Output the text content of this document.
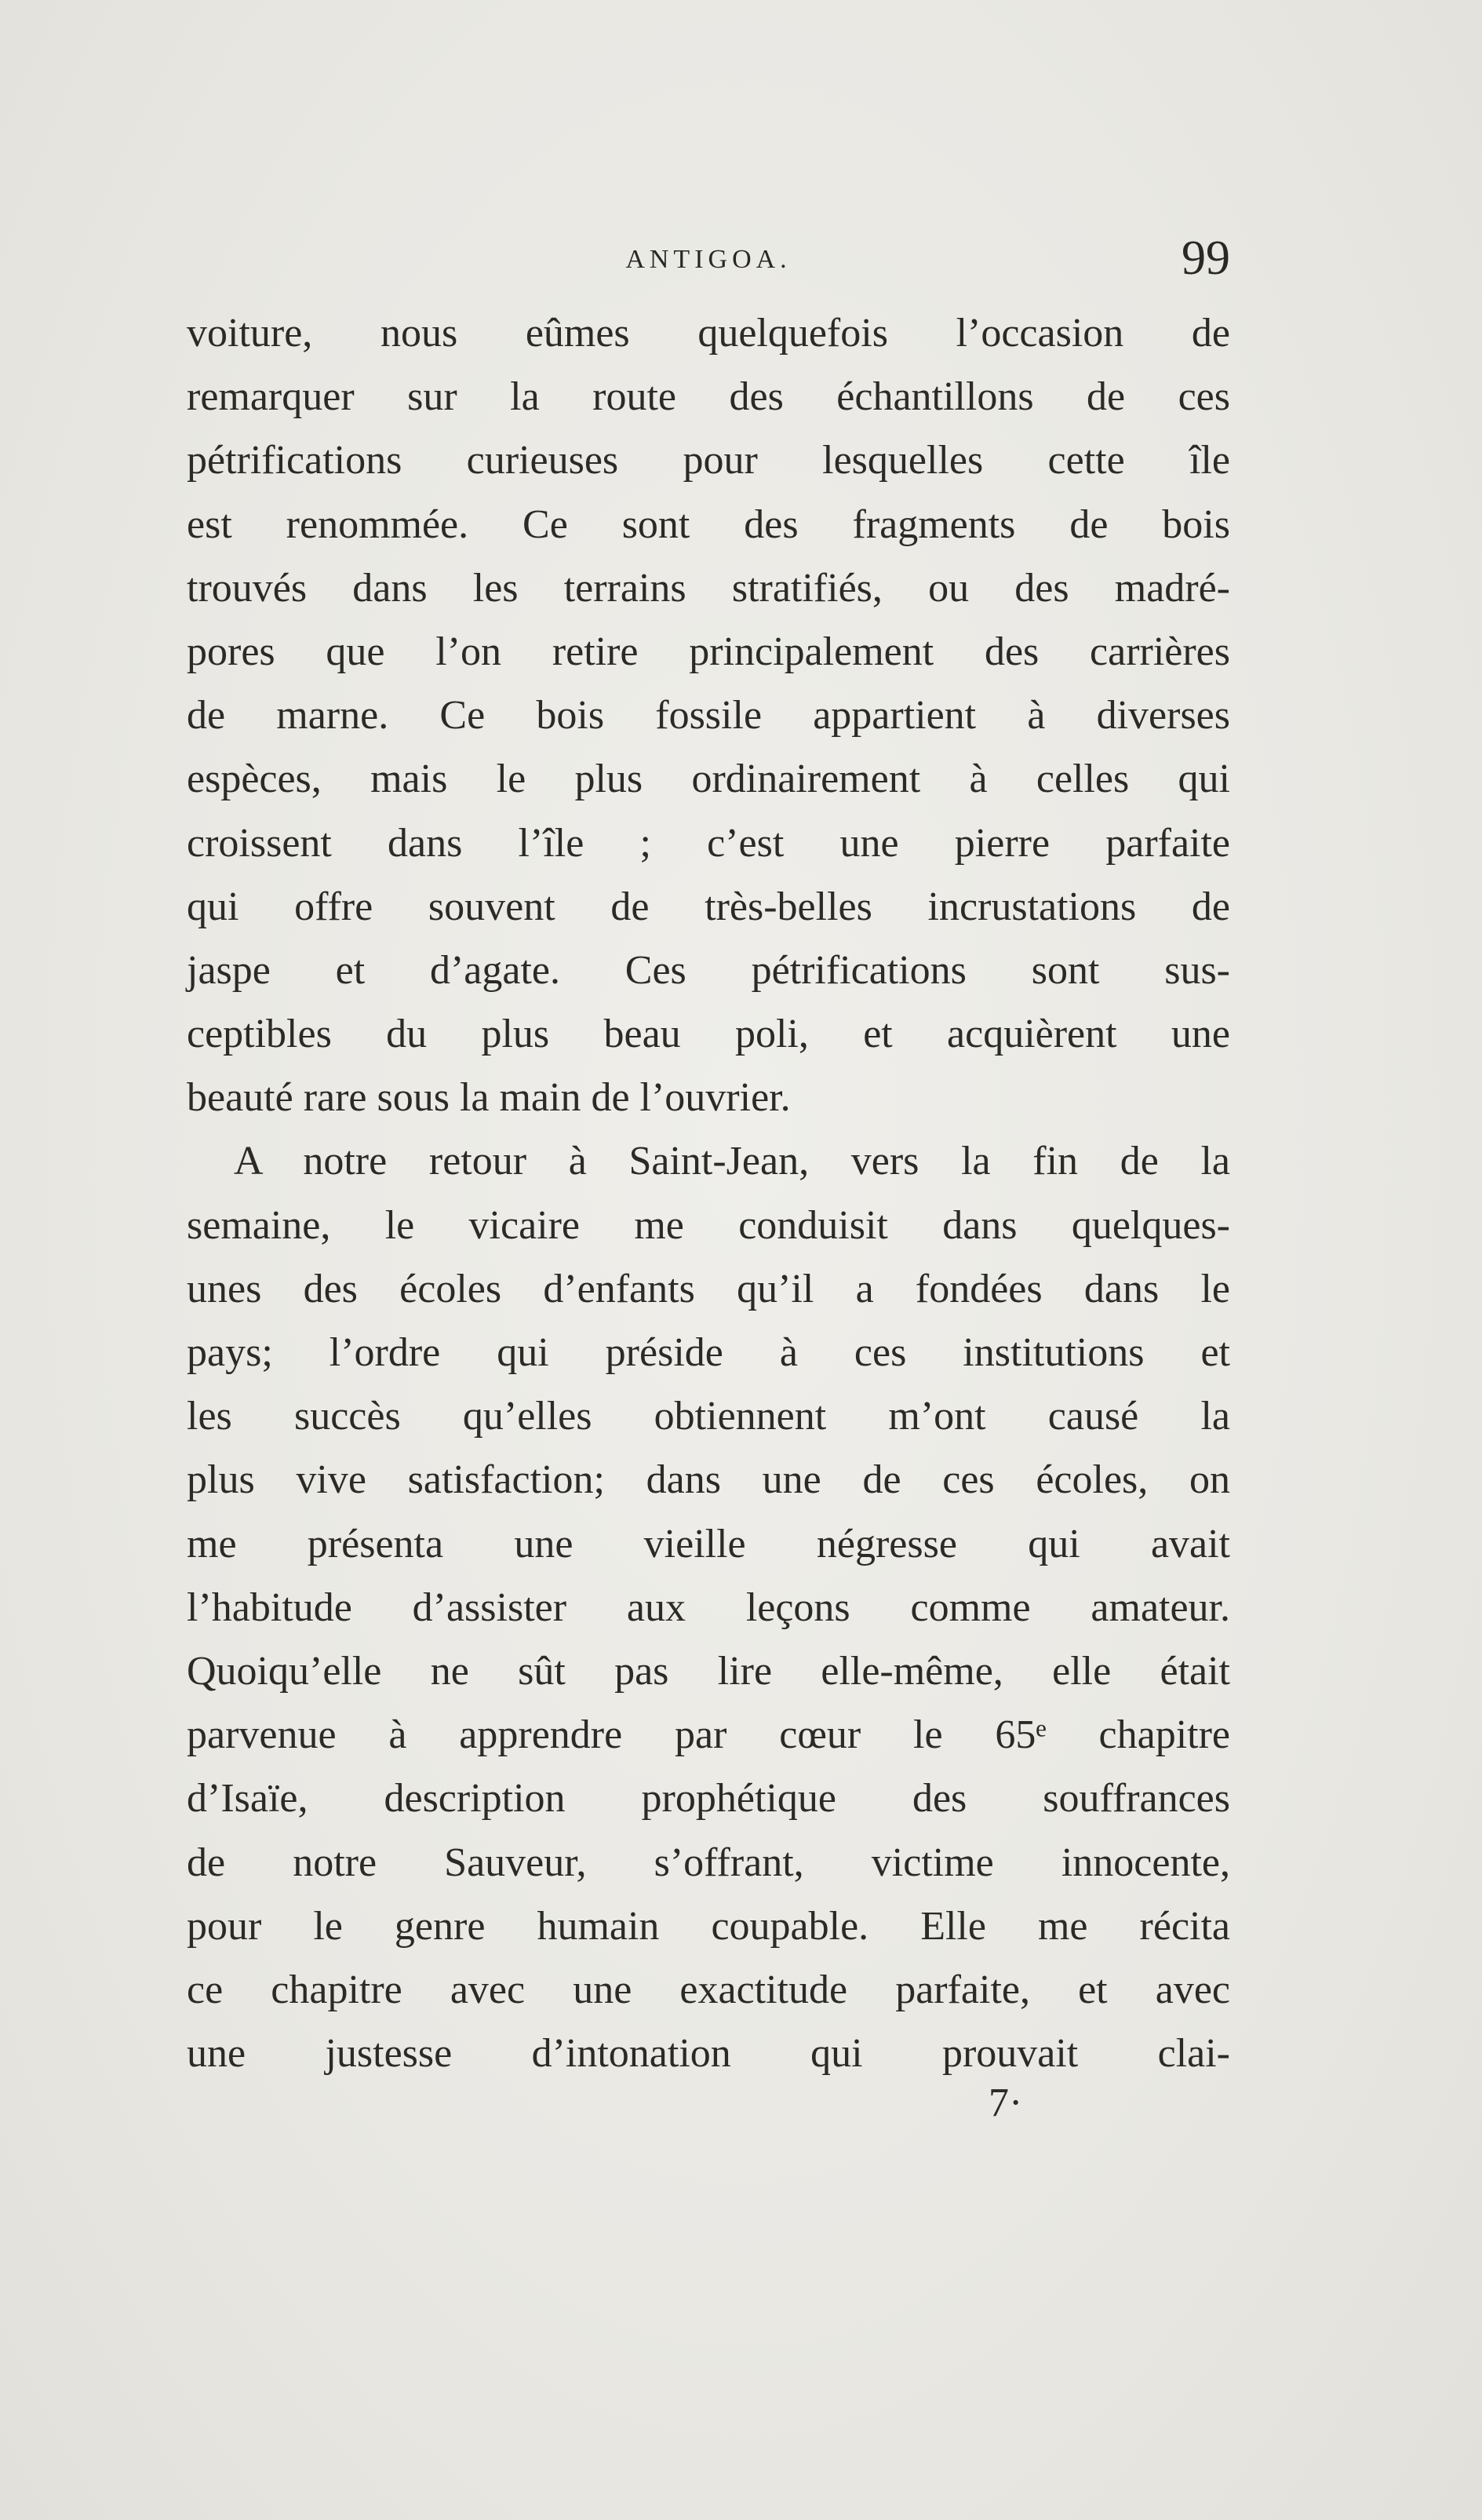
ANTIGOA.	99
voiture, nous eûmes quelquefois l’occasion de
remarquer sur la route des échantillons de ces
pétrifications curieuses pour lesquelles cette île
est renommée. Ce sont des fragments de bois
trouvés dans les terrains stratifiés, ou des madré-
pores que l’on retire principalement des carrières
de marne. Ce bois fossile appartient à diverses
espèces, mais le plus ordinairement à celles qui
croissent dans l’île ; c’est une pierre parfaite
qui offre souvent de très-belles incrustations de
jaspe et d’agate. Ces pétrifications sont sus-
ceptibles du plus beau poli, et acquièrent une
beauté rare sous la main de l’ouvrier.
A notre retour à Saint-Jean, vers la fin de la
semaine, le vicaire me conduisit dans quelques-
unes des écoles d’enfants qu’il a fondées dans le
pays; l’ordre qui préside à ces institutions et
les succès qu’elles obtiennent m’ont causé la
plus vive satisfaction; dans une de ces écoles, on
me présenta une vieille négresse qui avait
l’habitude d’assister aux leçons comme amateur.
Quoiqu’elle ne sût pas lire elle-même, elle était
parvenue à apprendre par cœur le 65ᵉ chapitre
d’Isaïe, description prophétique des souffrances
de notre Sauveur, s’offrant, victime innocente,
pour le genre humain coupable. Elle me récita
ce chapitre avec une exactitude parfaite, et avec
une justesse d’intonation qui prouvait clai-
7·
